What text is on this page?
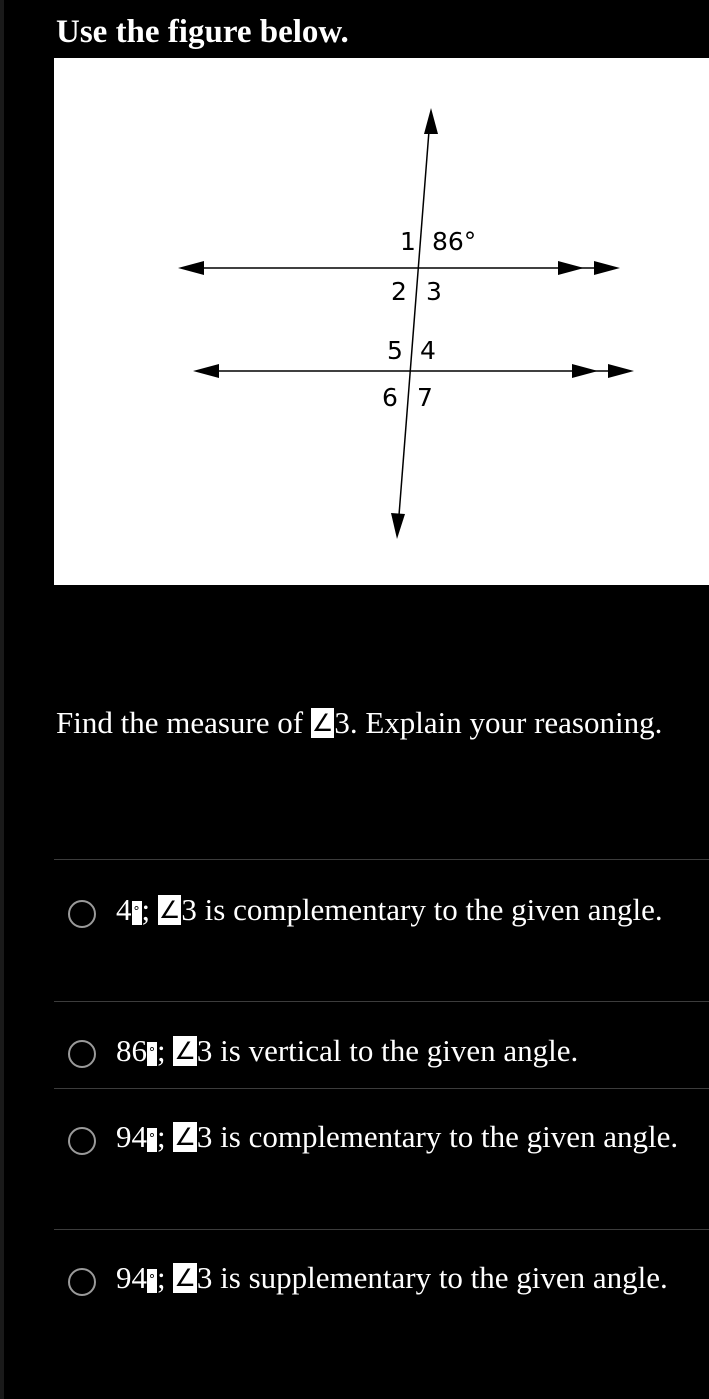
Use the figure below.
1 86°
2 3
5 4
6 7

Find the measure of ∠3. Explain your reasoning.

4 °; ∠3 is complementary to the given angle.

86 °; ∠3 is vertical to the given angle.

94 °; ∠3 is complementary to the given angle.

94 °; ∠3 is supplementary to the given angle.
